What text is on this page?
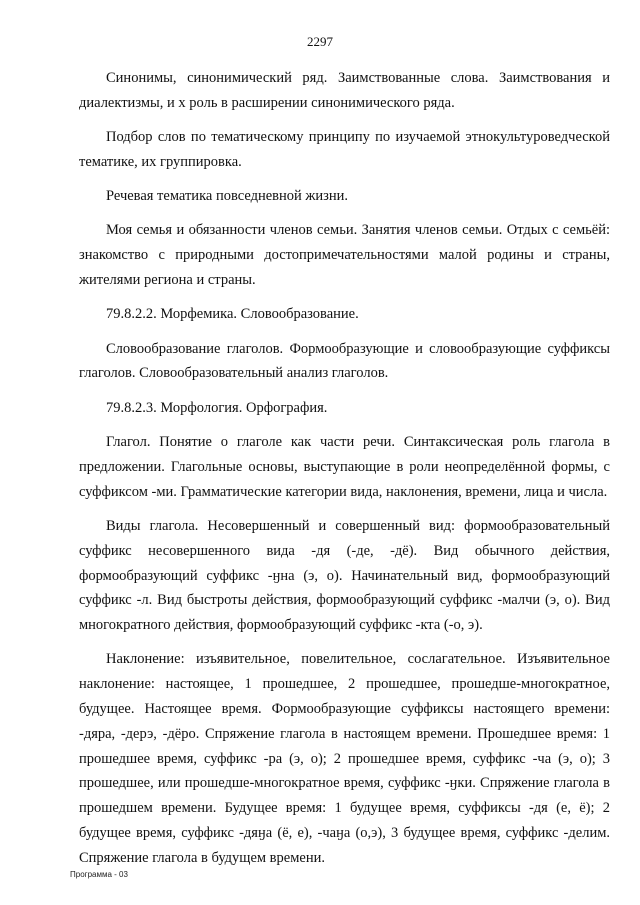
2297

Синонимы, синонимический ряд. Заимствованные слова. Заимствования и диалектизмы, и х роль в расширении синонимического ряда.

Подбор слов по тематическому принципу по изучаемой этнокультуроведческой тематике, их группировка.

Речевая тематика повседневной жизни.

Моя семья и обязанности членов семьи. Занятия членов семьи. Отдых с семьёй: знакомство с природными достопримечательностями малой родины и страны, жителями региона и страны.

79.8.2.2. Морфемика. Словообразование.

Словообразование глаголов. Формообразующие и словообразующие суффиксы глаголов. Словообразовательный анализ глаголов.

79.8.2.3. Морфология. Орфография.

Глагол. Понятие о глаголе как части речи. Синтаксическая роль глагола в предложении. Глагольные основы, выступающие в роли неопределённой формы, с суффиксом -ми. Грамматические категории вида, наклонения, времени, лица и числа.

Виды глагола. Несовершенный и совершенный вид: формообразовательный суффикс несовершенного вида -дя (-де, -дё). Вид обычного действия, формообразующий суффикс -ӈна (э, о). Начинательный вид, формообразующий суффикс -л. Вид быстроты действия, формообразующий суффикс -малчи (э, о). Вид многократного действия, формообразующий суффикс -кта (-о, э).

Наклонение: изъявительное, повелительное, сослагательное. Изъявительное наклонение: настоящее, 1 прошедшее, 2 прошедшее, прошедше-многократное, будущее. Настоящее время. Формообразующие суффиксы настоящего времени: -дяра, -дерэ, -дёро. Спряжение глагола в настоящем времени. Прошедшее время: 1 прошедшее время, суффикс -ра (э, о); 2 прошедшее время, суффикс -ча (э, о); 3 прошедшее, или прошедше-многократное время, суффикс -ӈки. Спряжение глагола в прошедшем времени. Будущее время: 1 будущее время, суффиксы -дя (е, ё); 2 будущее время, суффикс -дяӈа (ё, е), -чаӈа (о,э), 3 будущее время, суффикс -делим. Спряжение глагола в будущем времени.

Программа - 03
